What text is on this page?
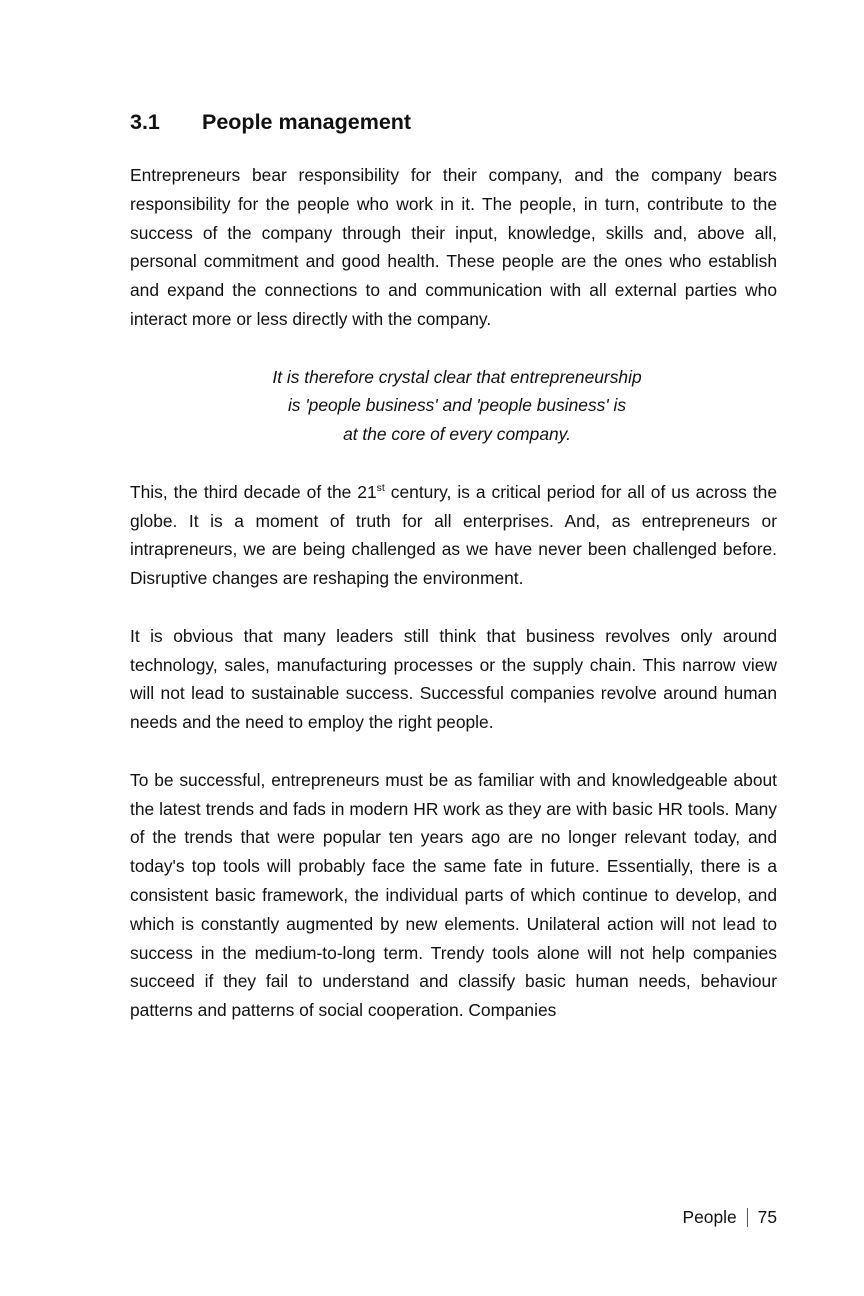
3.1	People management

Entrepreneurs bear responsibility for their company, and the company bears responsibility for the people who work in it. The people, in turn, contribute to the success of the company through their input, knowledge, skills and, above all, personal commitment and good health. These people are the ones who establish and expand the connections to and communication with all external parties who interact more or less directly with the company.

It is therefore crystal clear that entrepreneurship
is 'people business' and 'people business' is
at the core of every company.

This, the third decade of the 21st century, is a critical period for all of us across the globe. It is a moment of truth for all enterprises. And, as entrepreneurs or intrapreneurs, we are being challenged as we have never been challenged before. Disruptive changes are reshaping the environment.

It is obvious that many leaders still think that business revolves only around technology, sales, manufacturing processes or the supply chain. This narrow view will not lead to sustainable success. Successful companies revolve around human needs and the need to employ the right people.

To be successful, entrepreneurs must be as familiar with and knowledgeable about the latest trends and fads in modern HR work as they are with basic HR tools. Many of the trends that were popular ten years ago are no longer relevant today, and today's top tools will probably face the same fate in future. Essentially, there is a consistent basic framework, the individual parts of which continue to develop, and which is constantly augmented by new elements. Unilateral action will not lead to success in the medium-to-long term. Trendy tools alone will not help companies succeed if they fail to understand and classify basic human needs, behaviour patterns and patterns of social cooperation. Companies

People 75
